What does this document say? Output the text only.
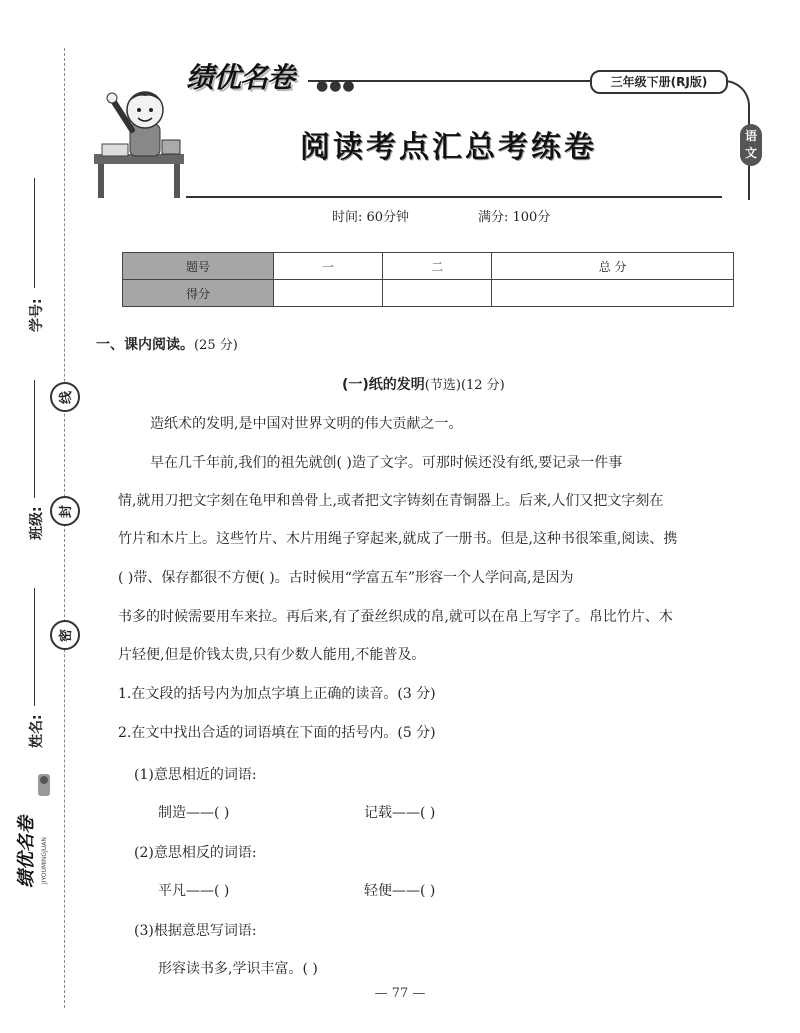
学号:
班级:
姓名:
线
封
密
绩优名卷 JIYOUMINGJUAN
绩优名卷 ●●●	三年级下册(RJ版)
语
文
阅读考点汇总考练卷
时间: 60分钟	满分: 100分
题号	一	二	总 分
得分			
一、课内阅读。(25 分)
(一)纸的发明(节选)(12 分)
造纸术的发明,是中国对世界文明的伟大贡献之一。
早在几千年前,我们的祖先就创( )造了文字。可那时候还没有纸,要记录一件事
情,就用刀把文字刻在龟甲和兽骨上,或者把文字铸刻在青铜器上。后来,人们又把文字刻在
竹片和木片上。这些竹片、木片用绳子穿起来,就成了一册书。但是,这种书很笨重,阅读、携
( )带、保存都很不方便( )。古时候用“学富五车”形容一个人学问高,是因为
书多的时候需要用车来拉。再后来,有了蚕丝织成的帛,就可以在帛上写字了。帛比竹片、木
片轻便,但是价钱太贵,只有少数人能用,不能普及。
1.在文段的括号内为加点字填上正确的读音。(3 分)
2.在文中找出合适的词语填在下面的括号内。(5 分)
(1)意思相近的词语:
制造——( )	记载——( )
(2)意思相反的词语:
平凡——( )	轻便——( )
(3)根据意思写词语:
形容读书多,学识丰富。( )
— 77 —
